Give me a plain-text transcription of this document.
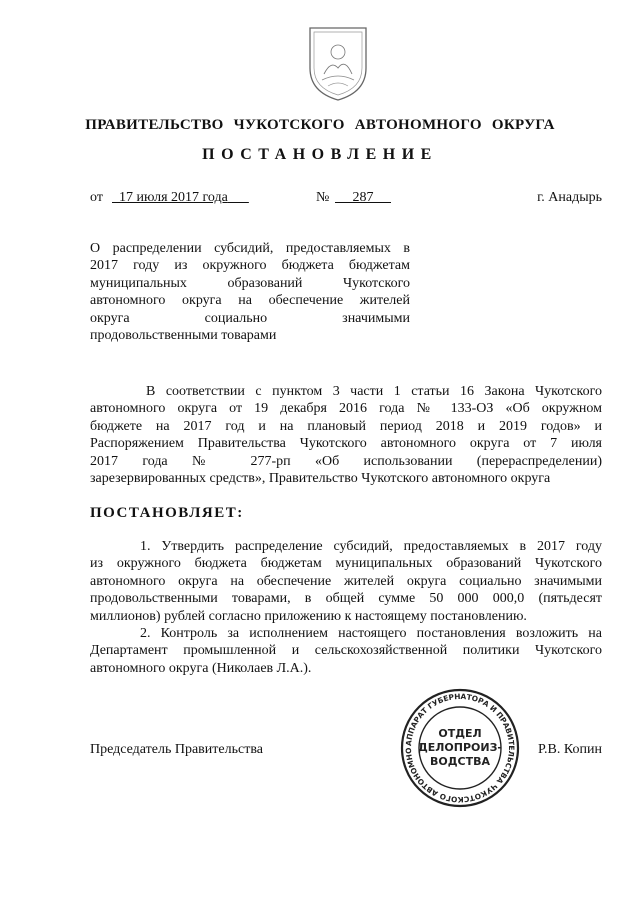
ПРАВИТЕЛЬСТВО ЧУКОТСКОГО АВТОНОМНОГО ОКРУГА
ПОСТАНОВЛЕНИЕ
от	17 июля 2017 года	№	287	г. Анадырь
О распределении субсидий, предоставляемых в
2017 году из окружного бюджета бюджетам
муниципальных образований Чукотского
автономного округа на обеспечение жителей
округа социально значимыми
продовольственными товарами
В соответствии с пунктом 3 части 1 статьи 16 Закона Чукотского
автономного округа от 19 декабря 2016 года № 133-ОЗ «Об окружном
бюджете на 2017 год и на плановый период 2018 и 2019 годов» и
Распоряжением Правительства Чукотского автономного округа от 7 июля
2017 года № 277-рп «Об использовании (перераспределении)
зарезервированных средств», Правительство Чукотского автономного округа
ПОСТАНОВЛЯЕТ:
1. Утвердить распределение субсидий, предоставляемых в 2017 году
из окружного бюджета бюджетам муниципальных образований Чукотского
автономного округа на обеспечение жителей округа социально значимыми
продовольственными товарами, в общей сумме 50 000 000,0 (пятьдесят
миллионов) рублей согласно приложению к настоящему постановлению.
2. Контроль за исполнением настоящего постановления возложить на
Департамент промышленной и сельскохозяйственной политики Чукотского
автономного округа (Николаев Л.А.).
Председатель Правительства	Р.В. Копин
АППАРАТ ГУБЕРНАТОРА И ПРАВИТЕЛЬСТВА ЧУКОТСКОГО АВТОНОМНО
ОТДЕЛ
ДЕЛОПРОИЗ-
ВОДСТВА
